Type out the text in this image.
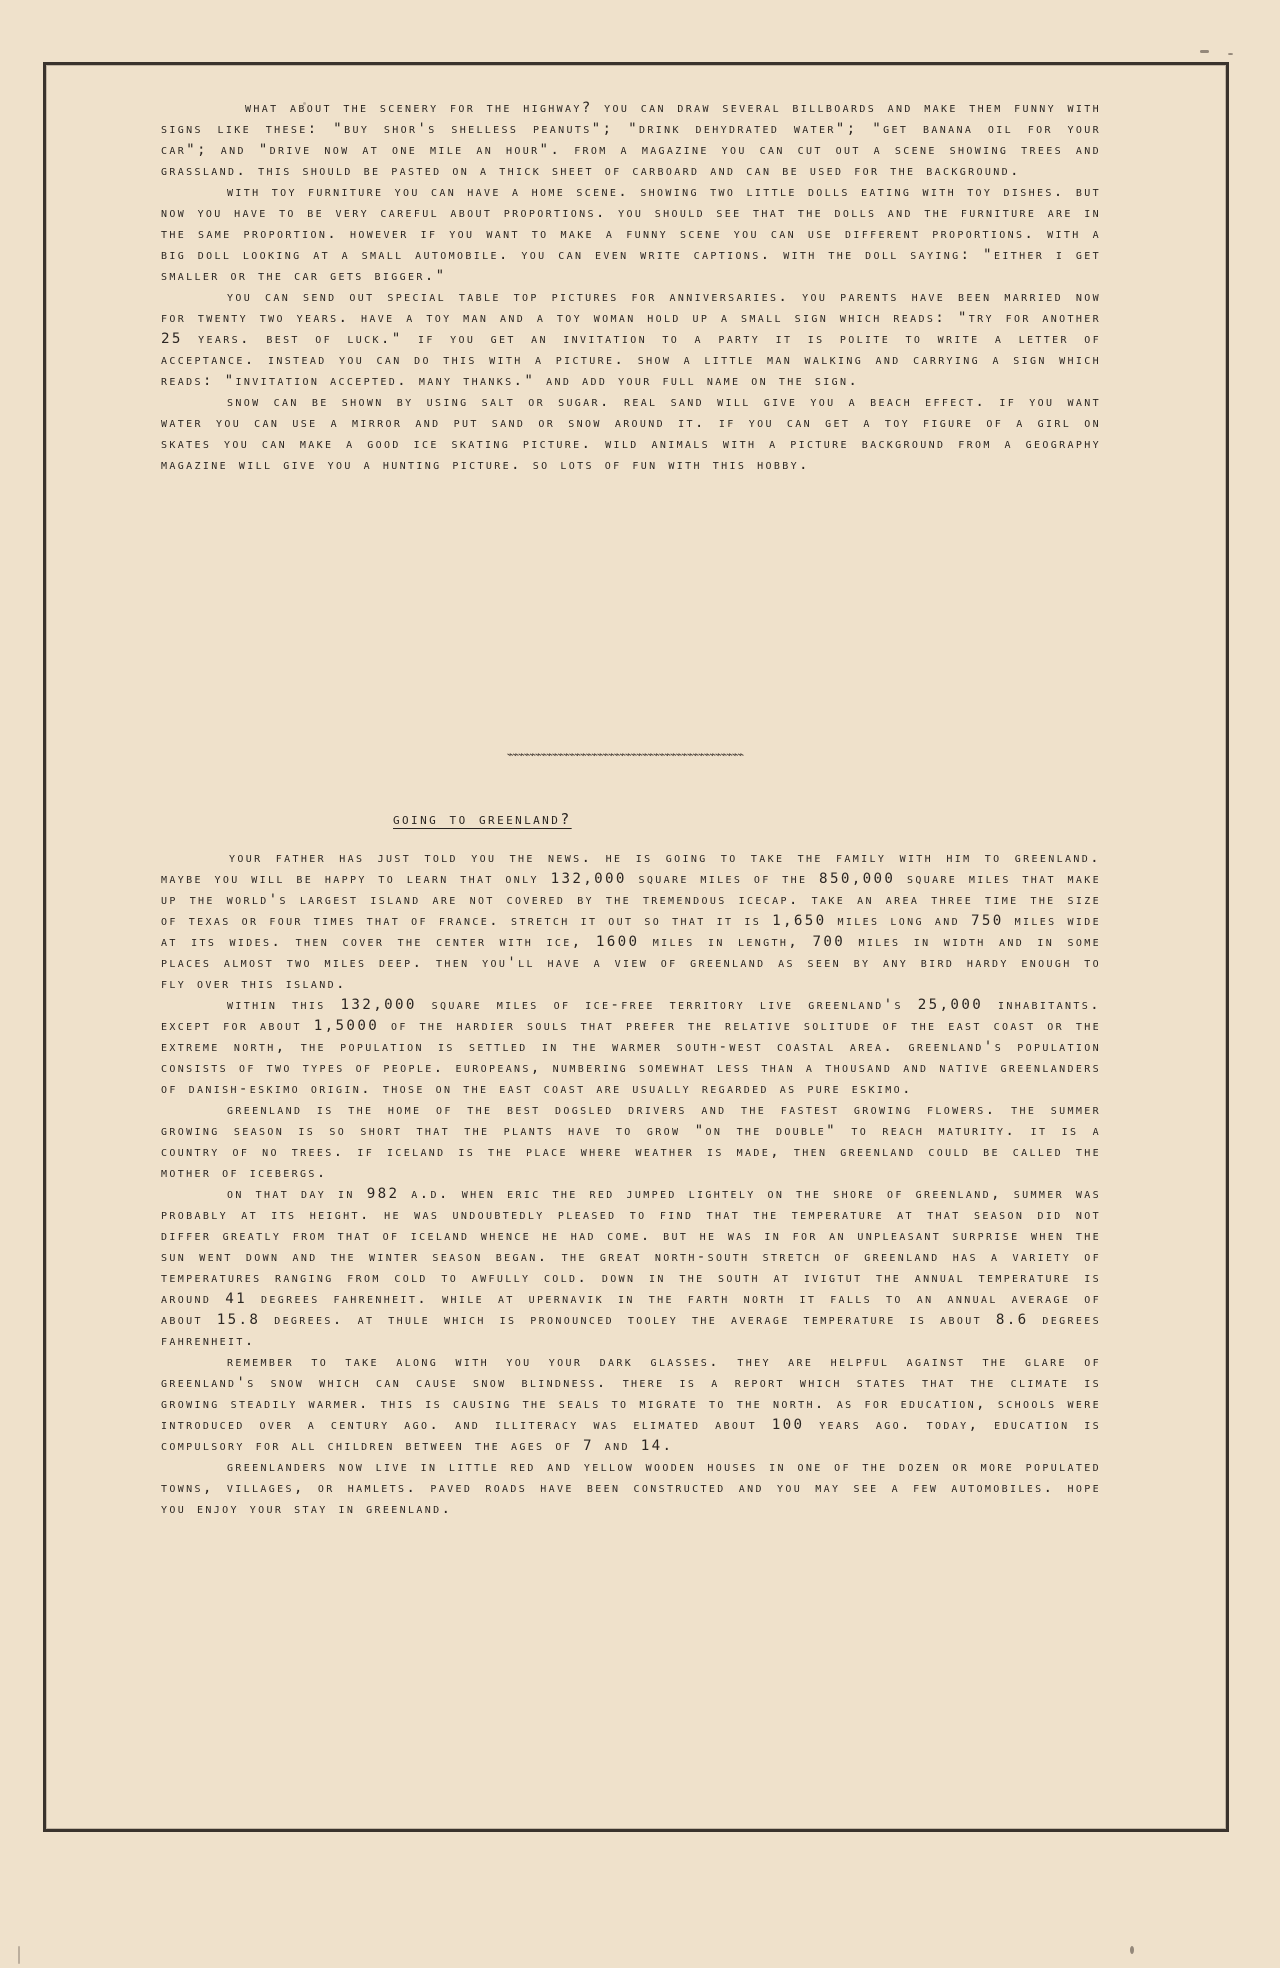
what about the scenery for the highway? you can draw several billboards and make them funny with signs like these: "buy shor's shelless peanuts"; "drink dehydrated water"; "get banana oil for your car"; and "drive now at one mile an hour". from a magazine you can cut out a scene showing trees and grassland. this should be pasted on a thick sheet of carboard and can be used for the background.

with toy furniture you can have a home scene. showing two little dolls eating with toy dishes. but now you have to be very careful about proportions. you should see that the dolls and the furniture are in the same proportion. however if you want to make a funny scene you can use different proportions. with a big doll looking at a small automobile. you can even write captions. with the doll saying: "either i get smaller or the car gets bigger."

you can send out special table top pictures for anniversaries. you parents have been married now for twenty two years. have a toy man and a toy woman hold up a small sign which reads: "try for another 25 years. best of luck." if you get an invitation to a party it is polite to write a letter of acceptance. instead you can do this with a picture. show a little man walking and carrying a sign which reads: "invitation accepted. many thanks." and add your full name on the sign.

snow can be shown by using salt or sugar. real sand will give you a beach effect. if you want water you can use a mirror and put sand or snow around it. if you can get a toy figure of a girl on skates you can make a good ice skating picture. wild animals with a picture background from a geography magazine will give you a hunting picture. so lots of fun with this hobby.

⌁⌁⌁⌁⌁⌁⌁⌁⌁⌁⌁⌁⌁⌁⌁⌁⌁⌁⌁⌁⌁⌁⌁⌁⌁⌁⌁⌁⌁⌁⌁⌁⌁⌁⌁⌁⌁⌁⌁⌁⌁⌁
going to greenland?

your father has just told you the news. he is going to take the family with him to greenland. maybe you will be happy to learn that only 132,000 square miles of the 850,000 square miles that make up the world's largest island are not covered by the tremendous icecap. take an area three time the size of texas or four times that of france. stretch it out so that it is 1,650 miles long and 750 miles wide at its wides. then cover the center with ice, 1600 miles in length, 700 miles in width and in some places almost two miles deep. then you'll have a view of greenland as seen by any bird hardy enough to fly over this island.

within this 132,000 square miles of ice-free territory live greenland's 25,000 inhabitants. except for about 1,5000 of the hardier souls that prefer the relative solitude of the east coast or the extreme north, the population is settled in the warmer south-west coastal area. greenland's population consists of two types of people. europeans, numbering somewhat less than a thousand and native greenlanders of danish-eskimo origin. those on the east coast are usually regarded as pure eskimo.

greenland is the home of the best dogsled drivers and the fastest growing flowers. the summer growing season is so short that the plants have to grow "on the double" to reach maturity. it is a country of no trees. if iceland is the place where weather is made, then greenland could be called the mother of icebergs.

on that day in 982 a.d. when eric the red jumped lightely on the shore of greenland, summer was probably at its height. he was undoubtedly pleased to find that the temperature at that season did not differ greatly from that of iceland whence he had come. but he was in for an unpleasant surprise when the sun went down and the winter season began. the great north-south stretch of greenland has a variety of temperatures ranging from cold to awfully cold. down in the south at ivigtut the annual temperature is around 41 degrees fahrenheit. while at upernavik in the farth north it falls to an annual average of about 15.8 degrees. at thule which is pronounced tooley the average temperature is about 8.6 degrees fahrenheit.

remember to take along with you your dark glasses. they are helpful against the glare of greenland's snow which can cause snow blindness. there is a report which states that the climate is growing steadily warmer. this is causing the seals to migrate to the north. as for education, schools were introduced over a century ago. and illiteracy was elimated about 100 years ago. today, education is compulsory for all children between the ages of 7 and 14.

greenlanders now live in little red and yellow wooden houses in one of the dozen or more populated towns, villages, or hamlets. paved roads have been constructed and you may see a few automobiles. hope you enjoy your stay in greenland.
